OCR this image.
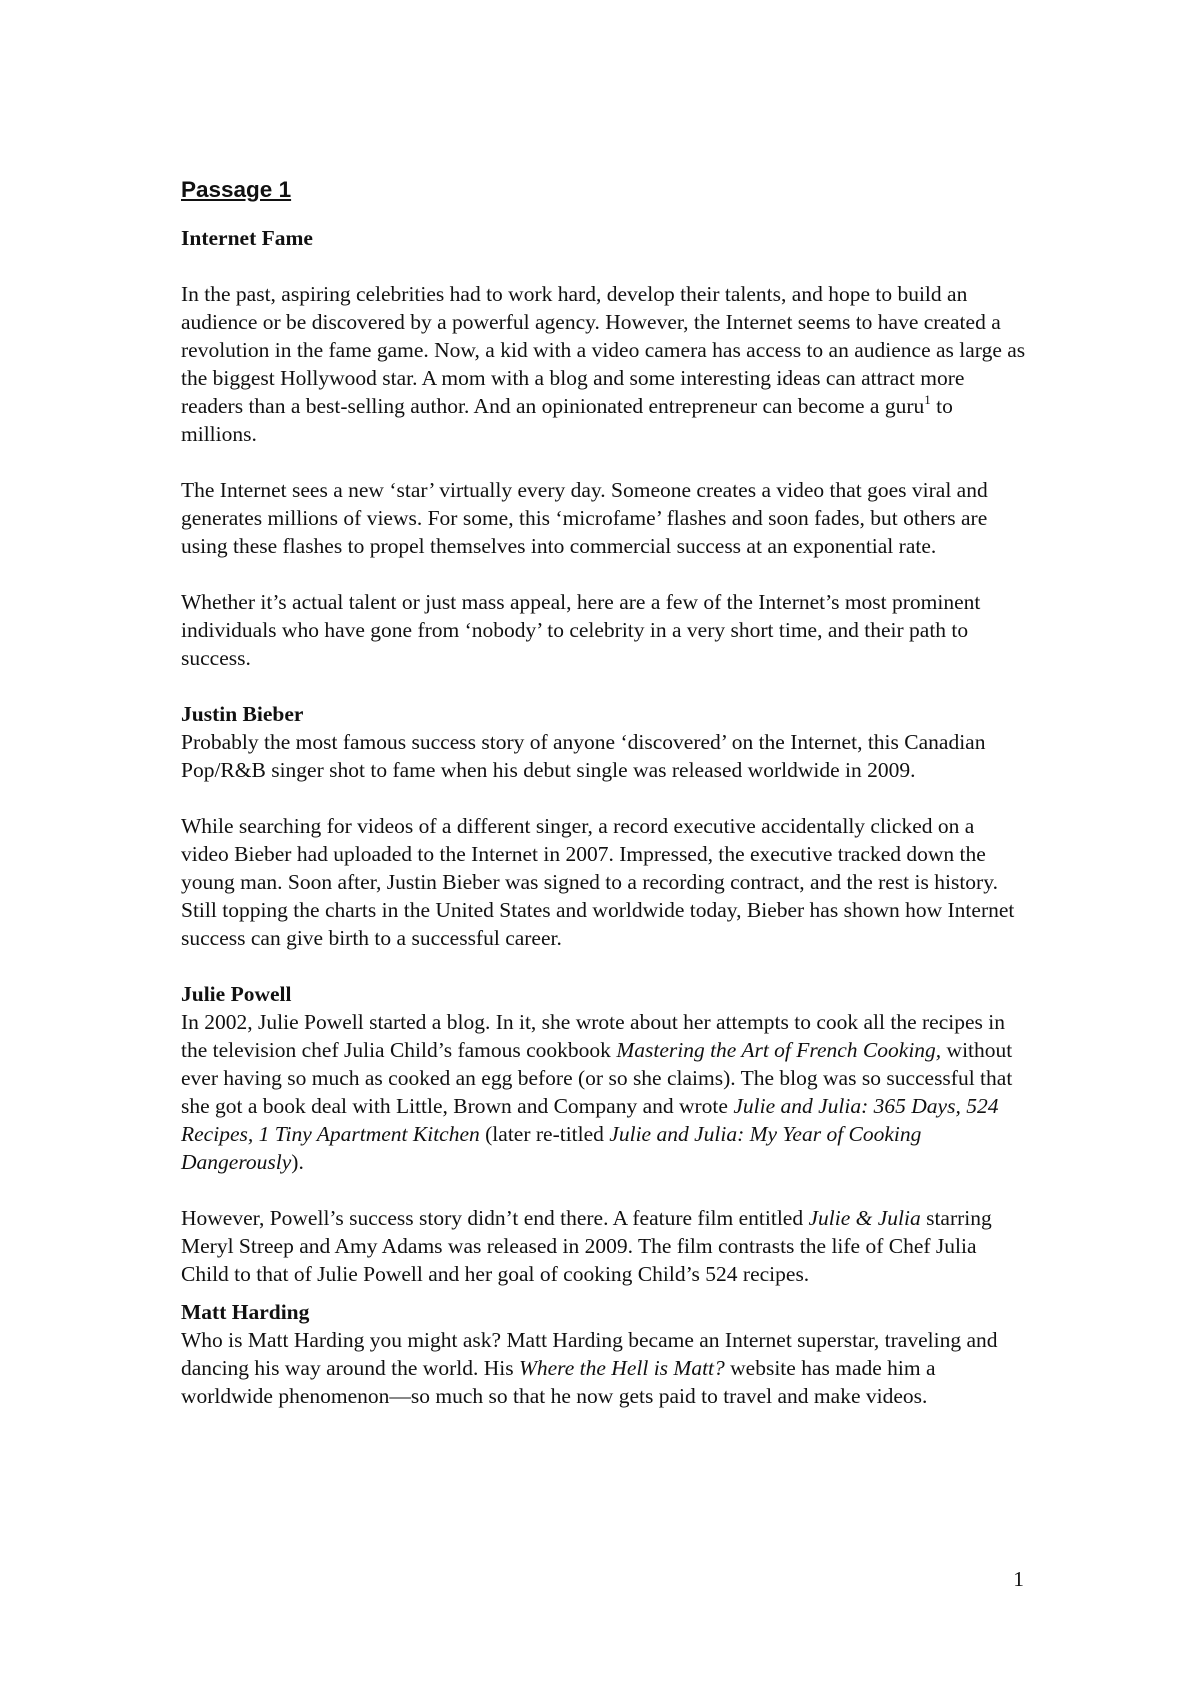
Passage 1
Internet Fame

In the past, aspiring celebrities had to work hard, develop their talents, and hope to build an audience or be discovered by a powerful agency. However, the Internet seems to have created a revolution in the fame game. Now, a kid with a video camera has access to an audience as large as the biggest Hollywood star. A mom with a blog and some interesting ideas can attract more readers than a best-selling author. And an opinionated entrepreneur can become a guru$^1$ to millions.

The Internet sees a new ‘star’ virtually every day. Someone creates a video that goes viral and generates millions of views. For some, this ‘microfame’ flashes and soon fades, but others are using these flashes to propel themselves into commercial success at an exponential rate.

Whether it’s actual talent or just mass appeal, here are a few of the Internet’s most prominent individuals who have gone from ‘nobody’ to celebrity in a very short time, and their path to success.

Justin Bieber

Probably the most famous success story of anyone ‘discovered’ on the Internet, this Canadian Pop/R&B singer shot to fame when his debut single was released worldwide in 2009.

While searching for videos of a different singer, a record executive accidentally clicked on a video Bieber had uploaded to the Internet in 2007. Impressed, the executive tracked down the young man. Soon after, Justin Bieber was signed to a recording contract, and the rest is history. Still topping the charts in the United States and worldwide today, Bieber has shown how Internet success can give birth to a successful career.

Julie Powell

In 2002, Julie Powell started a blog. In it, she wrote about her attempts to cook all the recipes in the television chef Julia Child’s famous cookbook Mastering the Art of French Cooking, without ever having so much as cooked an egg before (or so she claims). The blog was so successful that she got a book deal with Little, Brown and Company and wrote Julie and Julia: 365 Days, 524 Recipes, 1 Tiny Apartment Kitchen (later re-titled Julie and Julia: My Year of Cooking Dangerously).

However, Powell’s success story didn’t end there. A feature film entitled Julie & Julia starring Meryl Streep and Amy Adams was released in 2009. The film contrasts the life of Chef Julia Child to that of Julie Powell and her goal of cooking Child’s 524 recipes.

Matt Harding

Who is Matt Harding you might ask? Matt Harding became an Internet superstar, traveling and dancing his way around the world. His Where the Hell is Matt? website has made him a worldwide phenomenon—so much so that he now gets paid to travel and make videos.

1
